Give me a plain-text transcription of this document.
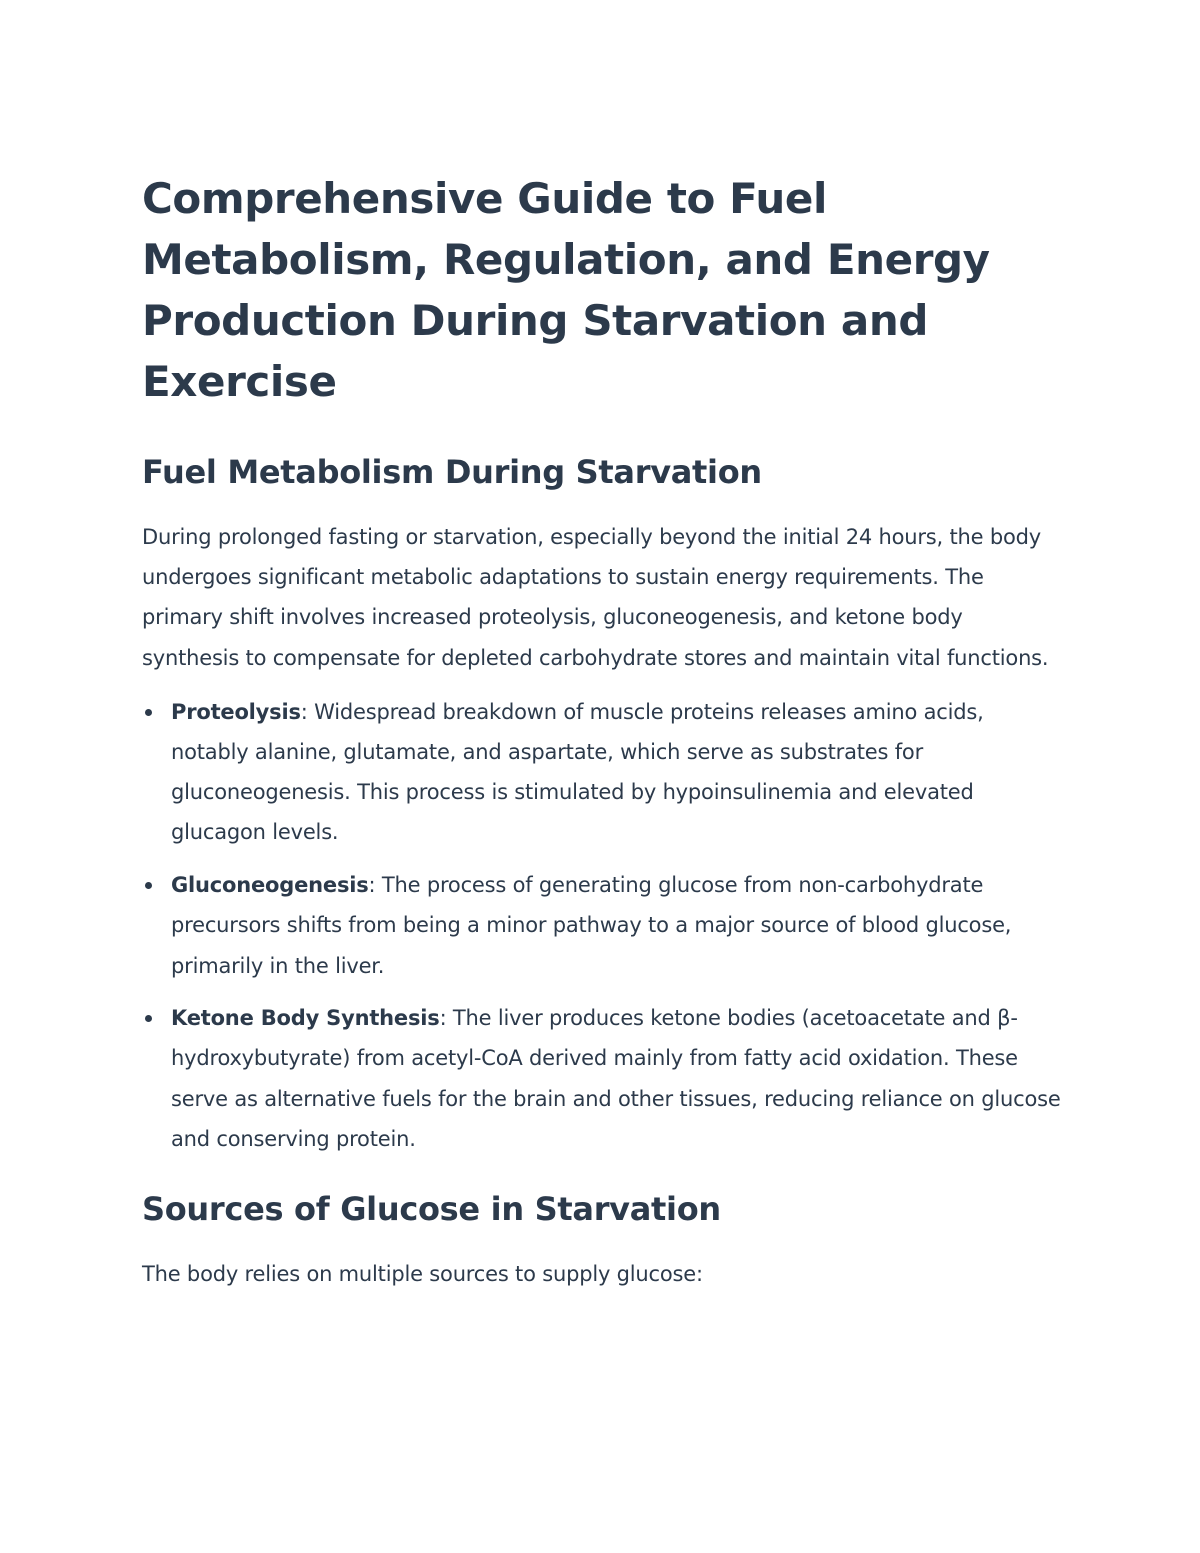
Comprehensive Guide to Fuel Metabolism, Regulation, and Energy Production During Starvation and Exercise
Fuel Metabolism During Starvation

During prolonged fasting or starvation, especially beyond the initial 24 hours, the body undergoes significant metabolic adaptations to sustain energy requirements. The primary shift involves increased proteolysis, gluconeogenesis, and ketone body synthesis to compensate for depleted carbohydrate stores and maintain vital functions.

Proteolysis: Widespread breakdown of muscle proteins releases amino acids, notably alanine, glutamate, and aspartate, which serve as substrates for gluconeogenesis. This process is stimulated by hypoinsulinemia and elevated glucagon levels.
Gluconeogenesis: The process of generating glucose from non-carbohydrate precursors shifts from being a minor pathway to a major source of blood glucose, primarily in the liver.
Ketone Body Synthesis: The liver produces ketone bodies (acetoacetate and β-hydroxybutyrate) from acetyl-CoA derived mainly from fatty acid oxidation. These serve as alternative fuels for the brain and other tissues, reducing reliance on glucose and conserving protein.
Sources of Glucose in Starvation

The body relies on multiple sources to supply glucose:
